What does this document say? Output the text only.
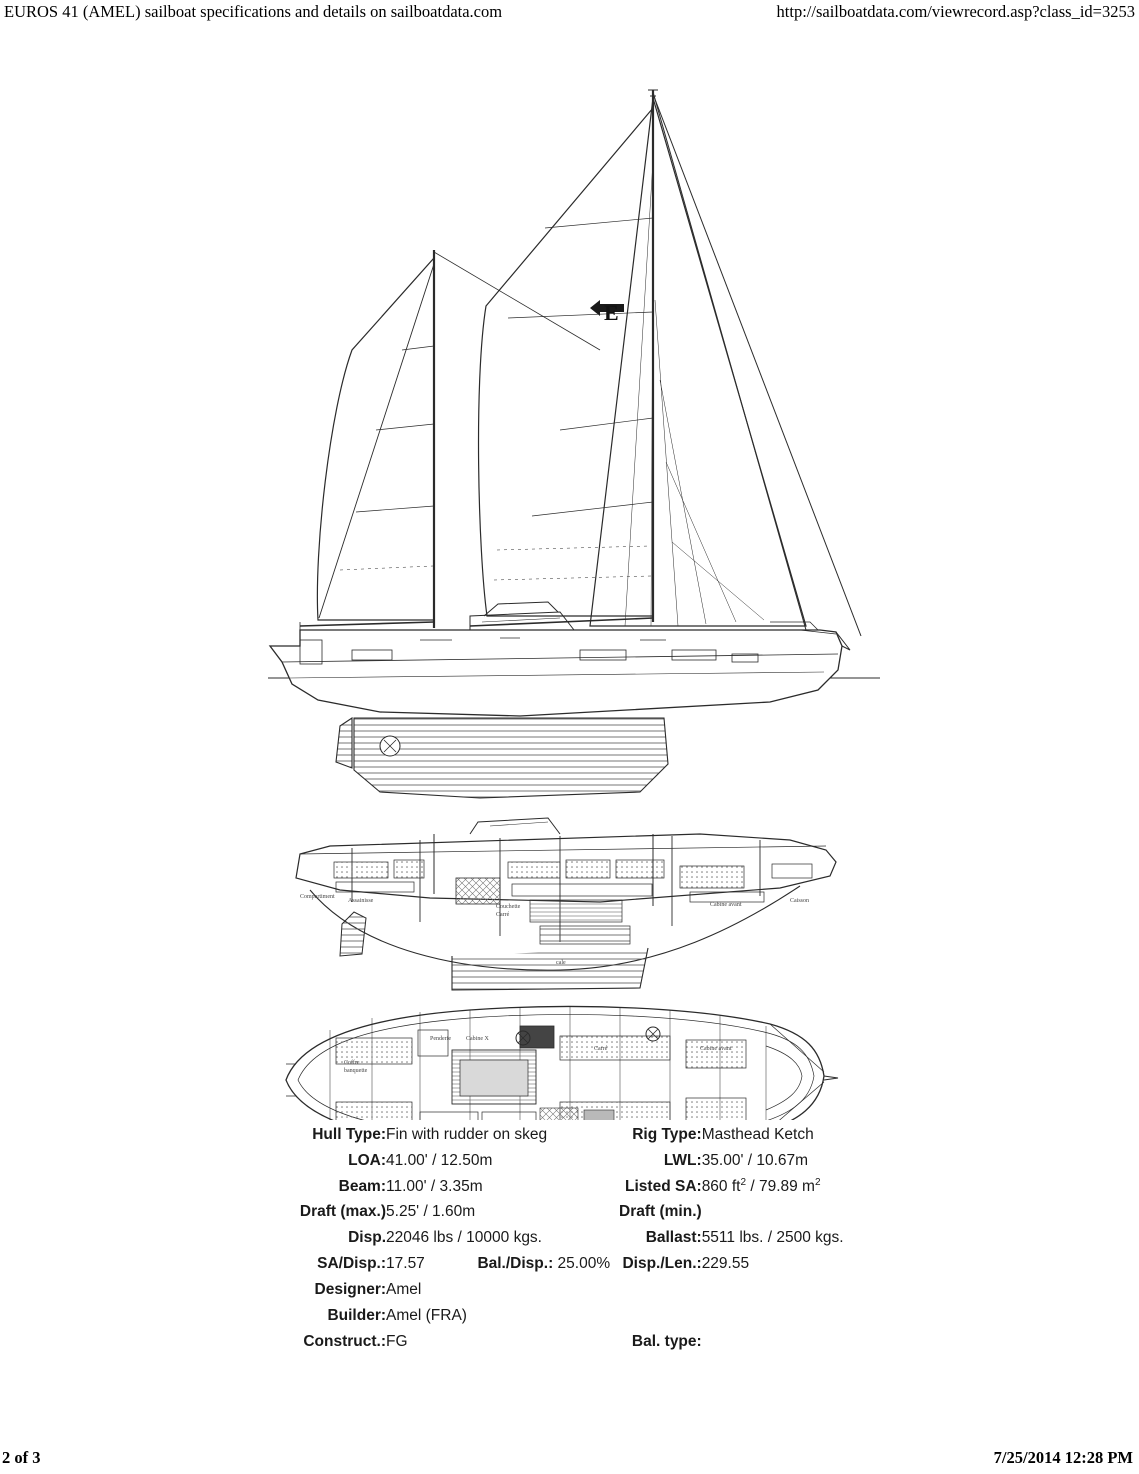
EUROS 41 (AMEL) sailboat specifications and details on sailboatdata.com	http://sailboatdata.com/viewrecord.asp?class_id=3253
E
Compartiment
Assainisse
Couchette
Carré
Cabine avant
Caisson
cale
Coffre
banquette
Penderie	Cabine X
Carré	Cabine avant
Hull Type:	Fin with rudder on skeg	Rig Type:	Masthead Ketch
LOA:	41.00' / 12.50m	LWL:	35.00' / 10.67m
Beam:	11.00' / 3.35m	Listed SA:	860 $ft^2 / 79.89$ $m^2$
Draft (max.)	5.25' / 1.60m	Draft (min.)	
Disp.	22046 lbs / 10000 kgs.	Ballast:	5511 lbs. / 2500 kgs.
SA/Disp.:	17.57 Bal./Disp.: 25.00%	Disp./Len.:	229.55
Designer:	Amel		
Builder:	Amel (FRA)		
Construct.:	FG	Bal. type:	
2 of 3	7/25/2014 12:28 PM
